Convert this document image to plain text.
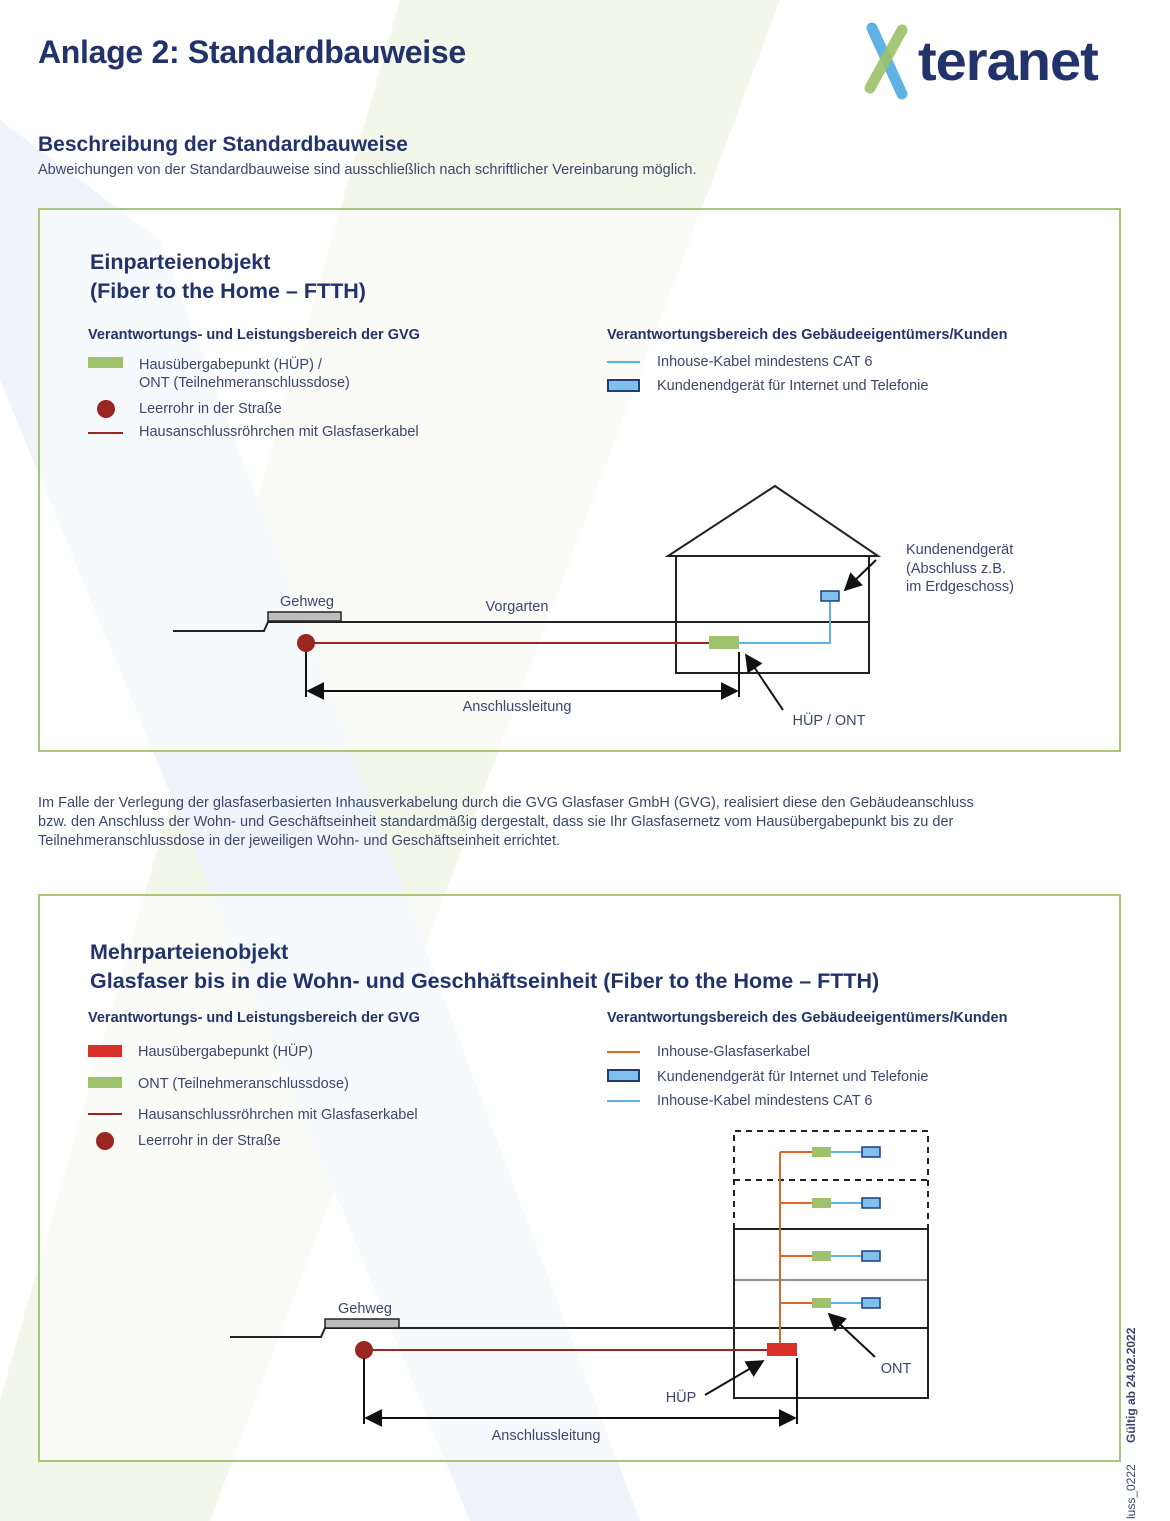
Anlage 2: Standardbauweise	teranet
Beschreibung der Standardbauweise
Abweichungen von der Standardbauweise sind ausschließlich nach schriftlicher Vereinbarung möglich.
Einparteienobjekt
(Fiber to the Home – FTTH)
Verantwortungs- und Leistungsbereich der GVG
Hausübergabepunkt (HÜP) /
ONT (Teilnehmeranschlussdose)
Leerrohr in der Straße
Hausanschlussröhrchen mit Glasfaserkabel
Verantwortungsbereich des Gebäudeeigentümers/Kunden
Inhouse-Kabel mindestens CAT 6
Kundenendgerät für Internet und Telefonie
Im Falle der Verlegung der glasfaserbasierten Inhausverkabelung durch die GVG Glasfaser GmbH (GVG), realisiert diese den Gebäudeanschluss
bzw. den Anschluss der Wohn- und Geschäftseinheit standardmäßig dergestalt, dass sie Ihr Glasfasernetz vom Hausübergabepunkt bis zu der
Teilnehmeranschlussdose in der jeweiligen Wohn- und Geschäftseinheit errichtet.
Mehrparteienobjekt
Glasfaser bis in die Wohn- und Geschhäftseinheit (Fiber to the Home – FTTH)
Verantwortungs- und Leistungsbereich der GVG
Hausübergabepunkt (HÜP)
ONT (Teilnehmeranschlussdose)
Hausanschlussröhrchen mit Glasfaserkabel
Leerrohr in der Straße
Verantwortungsbereich des Gebäudeeigentümers/Kunden
Inhouse-Glasfaserkabel
Kundenendgerät für Internet und Telefonie
Inhouse-Kabel mindestens CAT 6
Gehweg	Vorgarten
Anschlussleitung
HÜP / ONT
Kundenendgerät
(Abschluss z.B.
im Erdgeschoss)
Gehweg
Anschlussleitung
HÜP
ONT	Gültig ab 24.02.2022
luss_0222
